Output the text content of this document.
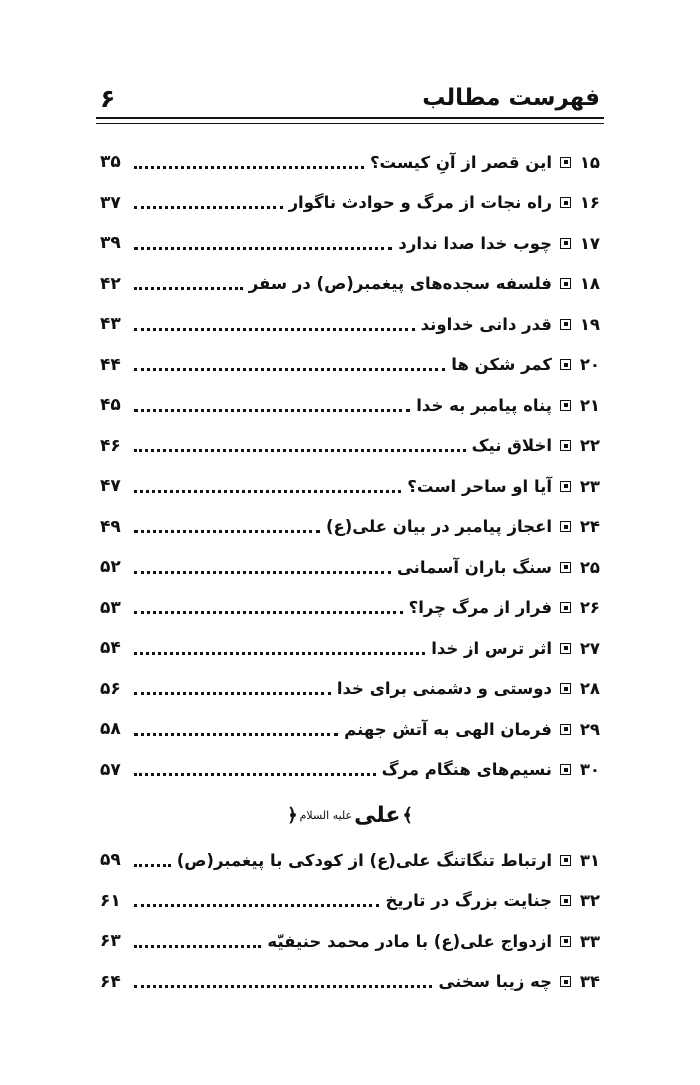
فهرست مطالب
۶
۱۵
این قصر از آنِ کیست؟
۳۵
۱۶
راه نجات از مرگ و حوادث ناگوار
۳۷
۱۷
چوب خدا صدا ندارد
۳۹
۱۸
فلسفه سجده‌های پیغمبر(ص) در سفر
۴۲
۱۹
قدر دانی خداوند
۴۳
۲۰
کمر شکن ها
۴۴
۲۱
پناه پیامبر به خدا
۴۵
۲۲
اخلاق نیک
۴۶
۲۳
آیا او ساحر است؟
۴۷
۲۴
اعجاز پیامبر در بیان علی(ع)
۴۹
۲۵
سنگ باران آسمانی
۵۲
۲۶
فرار از مرگ چرا؟
۵۳
۲۷
اثر ترس از خدا
۵۴
۲۸
دوستی و دشمنی برای خدا
۵۶
۲۹
فرمان الهی به آتش جهنم
۵۸
۳۰
نسیم‌های هنگام مرگ
۵۷
﴾
علی
علیه السلام
﴿
۳۱
ارتباط تنگاتنگ علی(ع) از کودکی با پیغمبر(ص)
۵۹
۳۲
جنایت بزرگ در تاریخ
۶۱
۳۳
ازدواج علی(ع) با مادر محمد حنیفیّه
۶۳
۳۴
چه زیبا سخنی
۶۴
